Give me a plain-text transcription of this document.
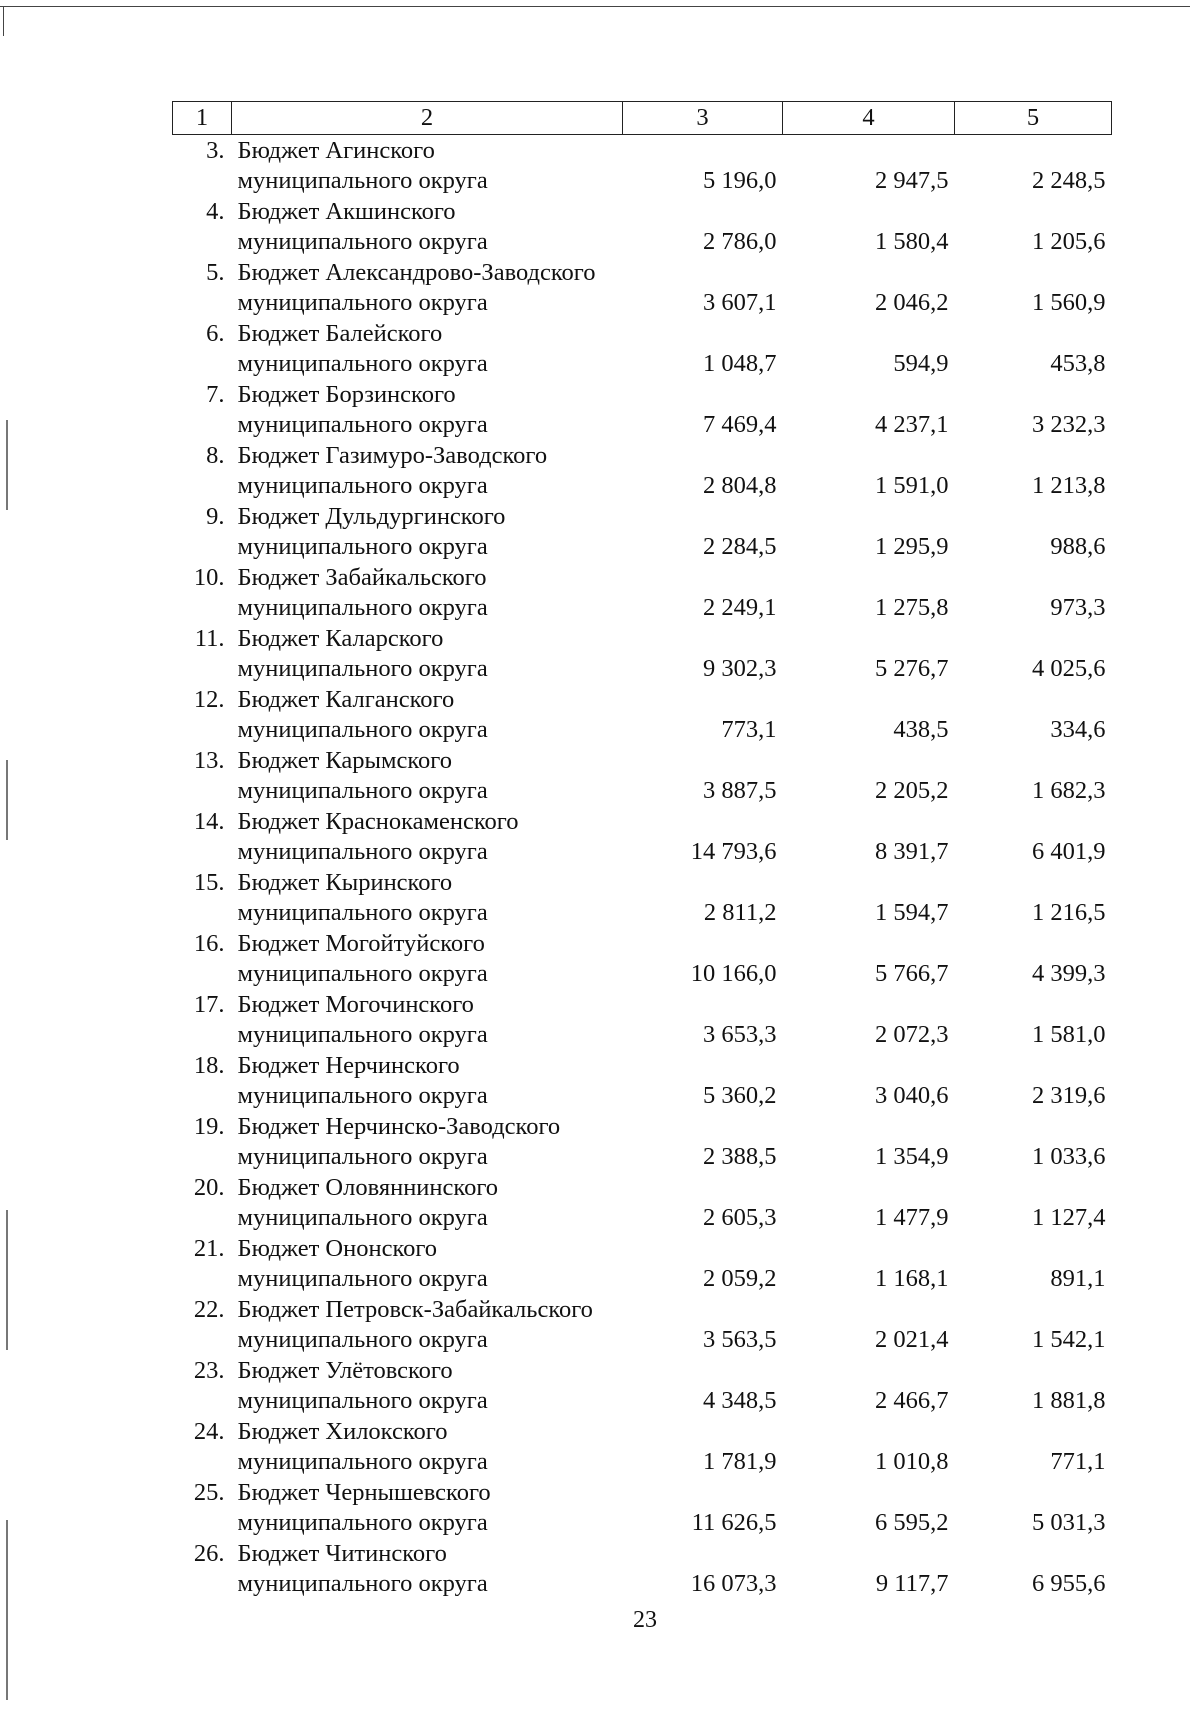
1	2	3	4	5
3.	Бюджет Агинского			
	муниципального округа	5 196,0	2 947,5	2 248,5
4.	Бюджет Акшинского			
	муниципального округа	2 786,0	1 580,4	1 205,6
5.	Бюджет Александрово-Заводского			
	муниципального округа	3 607,1	2 046,2	1 560,9
6.	Бюджет Балейского			
	муниципального округа	1 048,7	594,9	453,8
7.	Бюджет Борзинского			
	муниципального округа	7 469,4	4 237,1	3 232,3
8.	Бюджет Газимуро-Заводского			
	муниципального округа	2 804,8	1 591,0	1 213,8
9.	Бюджет Дульдургинского			
	муниципального округа	2 284,5	1 295,9	988,6
10.	Бюджет Забайкальского			
	муниципального округа	2 249,1	1 275,8	973,3
11.	Бюджет Каларского			
	муниципального округа	9 302,3	5 276,7	4 025,6
12.	Бюджет Калганского			
	муниципального округа	773,1	438,5	334,6
13.	Бюджет Карымского			
	муниципального округа	3 887,5	2 205,2	1 682,3
14.	Бюджет Краснокаменского			
	муниципального округа	14 793,6	8 391,7	6 401,9
15.	Бюджет Кыринского			
	муниципального округа	2 811,2	1 594,7	1 216,5
16.	Бюджет Могойтуйского			
	муниципального округа	10 166,0	5 766,7	4 399,3
17.	Бюджет Могочинского			
	муниципального округа	3 653,3	2 072,3	1 581,0
18.	Бюджет Нерчинского			
	муниципального округа	5 360,2	3 040,6	2 319,6
19.	Бюджет Нерчинско-Заводского			
	муниципального округа	2 388,5	1 354,9	1 033,6
20.	Бюджет Оловяннинского			
	муниципального округа	2 605,3	1 477,9	1 127,4
21.	Бюджет Ононского			
	муниципального округа	2 059,2	1 168,1	891,1
22.	Бюджет Петровск-Забайкальского			
	муниципального округа	3 563,5	2 021,4	1 542,1
23.	Бюджет Улётовского			
	муниципального округа	4 348,5	2 466,7	1 881,8
24.	Бюджет Хилокского			
	муниципального округа	1 781,9	1 010,8	771,1
25.	Бюджет Чернышевского			
	муниципального округа	11 626,5	6 595,2	5 031,3
26.	Бюджет Читинского			
	муниципального округа	16 073,3	9 117,7	6 955,6
23
